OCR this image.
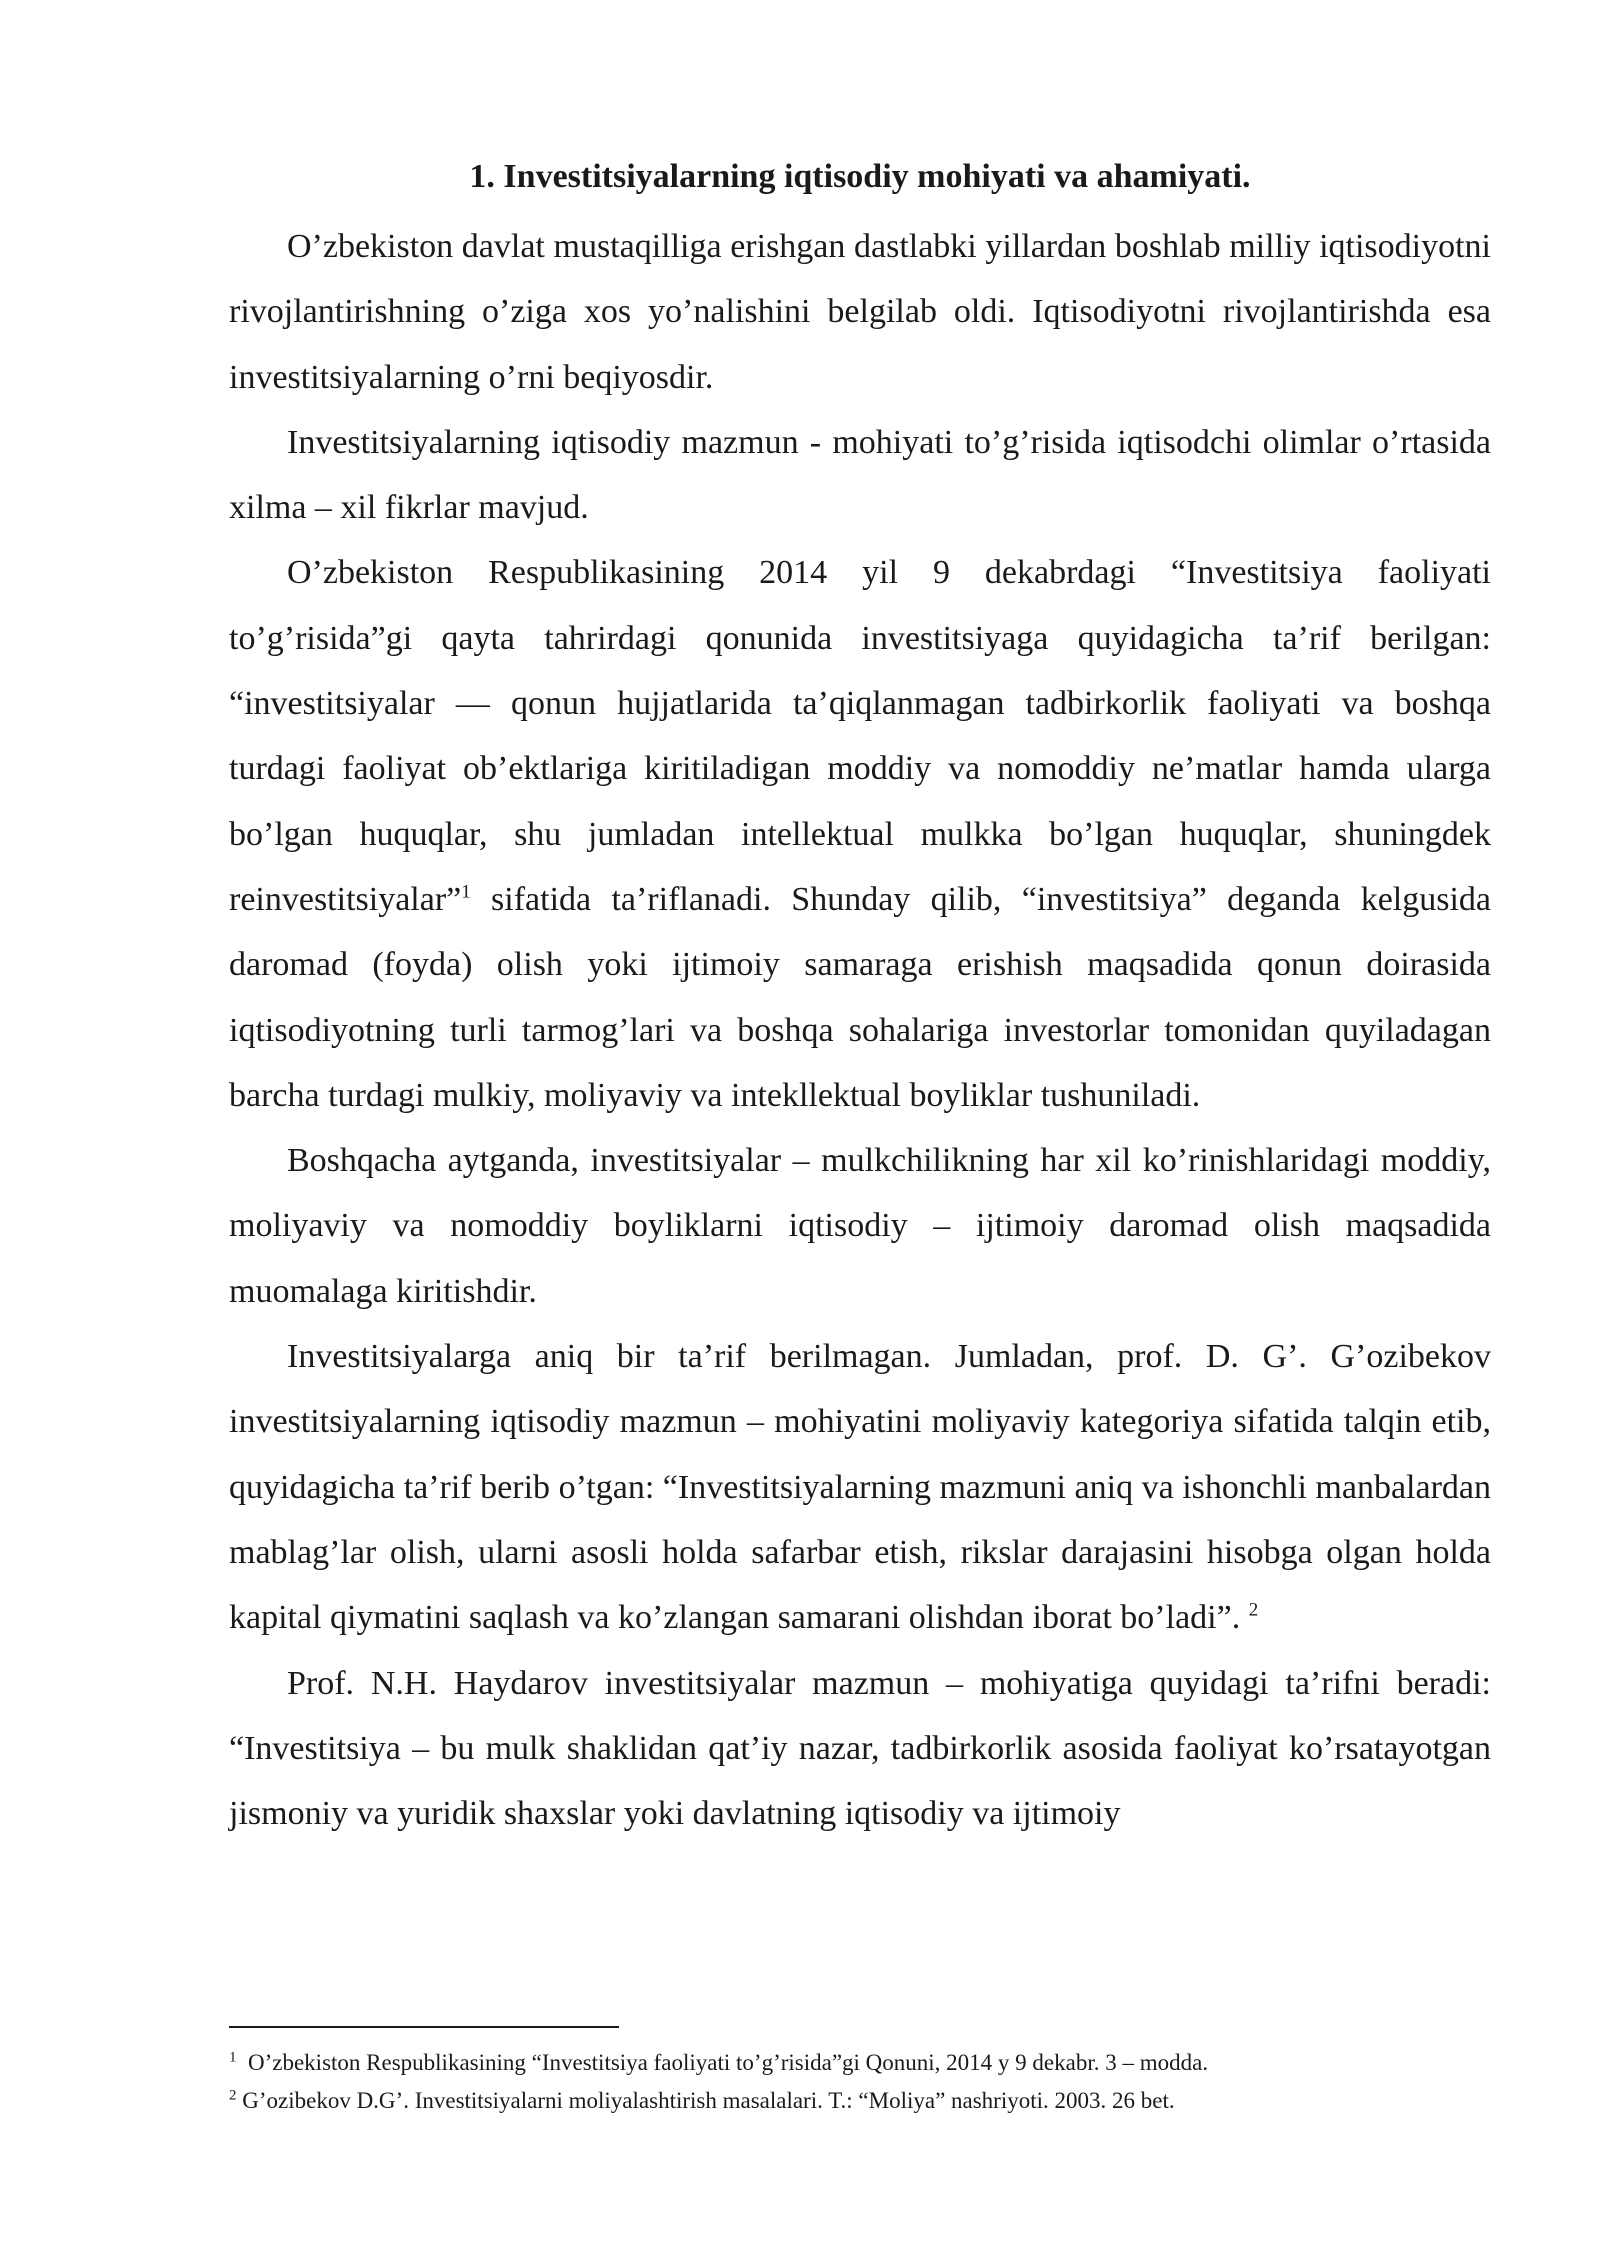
1. Investitsiyalarning iqtisodiy mohiyati va ahamiyati.

O’zbekiston davlat mustaqilliga erishgan dastlabki yillardan boshlab milliy iqtisodiyotni rivojlantirishning o’ziga xos yo’nalishini belgilab oldi. Iqtisodiyotni rivojlantirishda esa investitsiyalarning o’rni beqiyosdir.

Investitsiyalarning iqtisodiy mazmun - mohiyati to’g’risida iqtisodchi olimlar o’rtasida xilma – xil fikrlar mavjud.

O’zbekiston Respublikasining 2014 yil 9 dekabrdagi “Investitsiya faoliyati to’g’risida”gi qayta tahrirdagi qonunida investitsiyaga quyidagicha ta’rif berilgan: “investitsiyalar — qonun hujjatlarida ta’qiqlanmagan tadbirkorlik faoliyati va boshqa turdagi faoliyat ob’ektlariga kiritiladigan moddiy va nomoddiy ne’matlar hamda ularga bo’lgan huquqlar, shu jumladan intellektual mulkka bo’lgan huquqlar, shuningdek reinvestitsiyalar”$^1$ sifatida ta’riflanadi. Shunday qilib, “investitsiya” deganda kelgusida daromad (foyda) olish yoki ijtimoiy samaraga erishish maqsadida qonun doirasida iqtisodiyotning turli tarmog’lari va boshqa sohalariga investorlar tomonidan quyiladagan barcha turdagi mulkiy, moliyaviy va intekllektual boyliklar tushuniladi.

Boshqacha aytganda, investitsiyalar – mulkchilikning har xil ko’rinishlaridagi moddiy, moliyaviy va nomoddiy boyliklarni iqtisodiy – ijtimoiy daromad olish maqsadida muomalaga kiritishdir.

Investitsiyalarga aniq bir ta’rif berilmagan. Jumladan, prof. D. G’. G’ozibekov investitsiyalarning iqtisodiy mazmun – mohiyatini moliyaviy kategoriya sifatida talqin etib, quyidagicha ta’rif berib o’tgan: “Investitsiyalarning mazmuni aniq va ishonchli manbalardan mablag’lar olish, ularni asosli holda safarbar etish, rikslar darajasini hisobga olgan holda kapital qiymatini saqlash va ko’zlangan samarani olishdan iborat bo’ladi”. $^2$

Prof. N.H. Haydarov investitsiyalar mazmun – mohiyatiga quyidagi ta’rifni beradi: “Investitsiya – bu mulk shaklidan qat’iy nazar, tadbirkorlik asosida faoliyat ko’rsatayotgan jismoniy va yuridik shaxslar yoki davlatning iqtisodiy va ijtimoiy

$^1$ O’zbekiston Respublikasining “Investitsiya faoliyati to’g’risida”gi Qonuni, 2014 y 9 dekabr. 3 – modda.

$^2$ G’ozibekov D.G’. Investitsiyalarni moliyalashtirish masalalari. T.: “Moliya” nashriyoti. 2003. 26 bet.
